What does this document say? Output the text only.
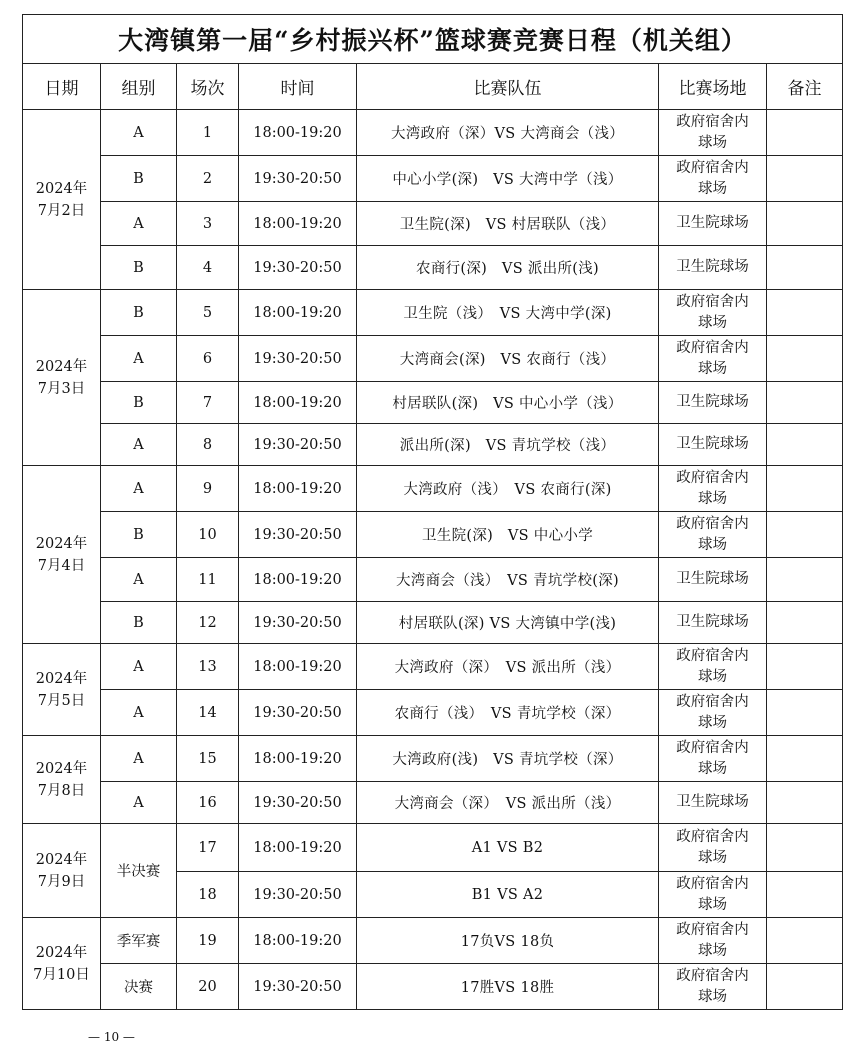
大湾镇第一届“乡村振兴杯”篮球赛竞赛日程（机关组）						
日期	组别	场次	时间	比赛队伍	比赛场地	备注
2024年
7月2日	A	1	18:00-19:20	大湾政府（深）VS 大湾商会（浅）	政府宿舍内
球场	
	B	2	19:30-20:50	中心小学(深)　VS 大湾中学（浅）	政府宿舍内
球场	
	A	3	18:00-19:20	卫生院(深)　VS 村居联队（浅）	卫生院球场	
	B	4	19:30-20:50	农商行(深)　VS 派出所(浅)	卫生院球场	
2024年
7月3日	B	5	18:00-19:20	卫生院（浅）　VS 大湾中学(深)	政府宿舍内
球场	
	A	6	19:30-20:50	大湾商会(深)　VS 农商行（浅）	政府宿舍内
球场	
	B	7	18:00-19:20	村居联队(深)　VS 中心小学（浅）	卫生院球场	
	A	8	19:30-20:50	派出所(深)　VS 青坑学校（浅）	卫生院球场	
2024年
7月4日	A	9	18:00-19:20	大湾政府（浅）　VS 农商行(深)	政府宿舍内
球场	
	B	10	19:30-20:50	卫生院(深)　VS 中心小学	政府宿舍内
球场	
	A	11	18:00-19:20	大湾商会（浅）　VS 青坑学校(深)	卫生院球场	
	B	12	19:30-20:50	村居联队(深) VS 大湾镇中学(浅)	卫生院球场	
2024年
7月5日	A	13	18:00-19:20	大湾政府（深）　VS 派出所（浅）	政府宿舍内
球场	
	A	14	19:30-20:50	农商行（浅）　VS 青坑学校（深）	政府宿舍内
球场	
2024年
7月8日	A	15	18:00-19:20	大湾政府(浅)　VS 青坑学校（深）	政府宿舍内
球场	
	A	16	19:30-20:50	大湾商会（深）　VS 派出所（浅）	卫生院球场	
2024年
7月9日	半决赛	17	18:00-19:20	A1 VS B2	政府宿舍内
球场	
		18	19:30-20:50	B1 VS A2	政府宿舍内
球场	
2024年
7月10日	季军赛	19	18:00-19:20	17负VS 18负	政府宿舍内
球场	
	决赛	20	19:30-20:50	17胜VS 18胜	政府宿舍内
球场	
— 10 —
